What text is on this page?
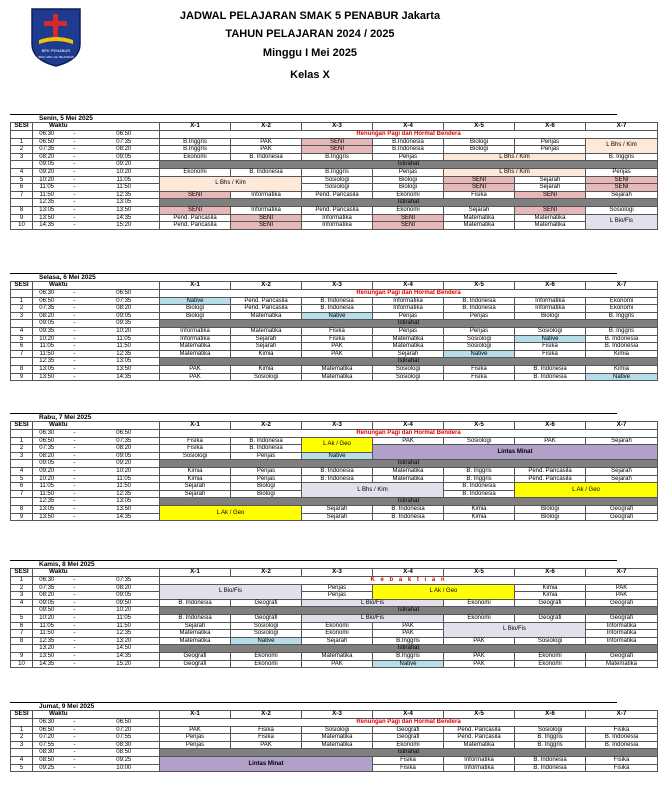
BPK PENABUR
IMAN, ILMU, dan PELAYANAN
JADWAL PELAJARAN SMAK 5 PENABUR Jakarta
TAHUN PELAJARAN 2024 / 2025
Minggu I Mei 2025
Kelas X
Senin, 5 Mei 2025
SESI	Waktu			X-1	X-2	X-3	X-4	X-5	X-6	X-7
	06:30	-	06:50	Renungan Pagi dan Hormat Bendera						
1	06:50	-	07:35	B.Inggris	PAK	SENI	B.Indonesia	Biologi	Penjas	L Bhs / Kim
2	07:35	-	08:20	B.Inggris	PAK	SENI	B.Indonesia	Biologi	Penjas	
3	08:20	-	09:05	Ekonomi	B. Indonesia	B.Inggris	Penjas	L Bhs / Kim		B. Inggris
	09:05	-	09:20	Istirahat						
4	09:20	-	10:20	Ekonomi	B. Indonesia	B.Inggris	Penjas	L Bhs / Kim		Penjas
5	10:20	-	11:05	L Bhs / Kim		Sosiologi	Biologi	SENI	Sejarah	SENI
6	11:05	-	11:50			Sosiologi	Biologi	SENI	Sejarah	SENI
7	11:50	-	12:35	SENI	Informatika	Pend. Pancasila	Ekonomi	Fisika	SENI	Sejarah
	12:35	-	13:05	Istirahat						
8	13:05	-	13:50	SENI	Informatika	Pend. Pancasila	Ekonomi	Sejarah	SENI	Sosiologi
9	13:50	-	14:35	Pend. Pancasila	SENI	Informatika	SENI	Matematika	Matematika	L Bio/Fis
10	14:35	-	15:20	Pend. Pancasila	SENI	Informatika	SENI	Matematika	Matematika	
Selasa, 6 Mei 2025
SESI	Waktu			X-1	X-2	X-3	X-4	X-5	X-6	X-7
	06:30	-	06:50	Renungan Pagi dan Hormat Bendera						
1	06:50	-	07:35	Native	Pend. Pancasila	B. Indonesia	Informatika	B. Indonesia	Informatika	Ekonomi
2	07:35	-	08:20	Biologi	Pend. Pancasila	B. Indonesia	Informatika	B. Indonesia	Informatika	Ekonomi
3	08:20	-	09:05	Biologi	Matematika	Native	Penjas	Penjas	Biologi	B. Inggris
	09:05	-	09:35	Istirahat						
4	09:35	-	10:20	Informatika	Matematika	Fisika	Penjas	Penjas	Sosiologi	B. Inggris
5	10:20	-	11:05	Informatika	Sejarah	Fisika	Matematika	Sosiologi	Native	B. Indonesia
6	11:05	-	11:50	Matematika	Sejarah	PAK	Matematika	Sosiologi	Fisika	B. Indonesia
7	11:50	-	12:35	Matematika	Kimia	PAK	Sejarah	Native	Fisika	Kimia
	12:35	-	13:05	Istirahat						
8	13:05	-	13:50	PAK	Kimia	Matematika	Sosiologi	Fisika	B. Indonesia	Kimia
9	13:50	-	14:35	PAK	Sosiologi	Matematika	Sosiologi	Fisika	B. Indonesia	Native
Rabu, 7 Mei 2025
SESI	Waktu			X-1	X-2	X-3	X-4	X-5	X-6	X-7
	06:30	-	06:50	Renungan Pagi dan Hormat Bendera						
1	06:50	-	07:35	Fisika	B. Indonesia	L Ak / Geo	PAK	Sosiologi	PAK	Sejarah
2	07:35	-	08:20	Fisika	B. Indonesia		Lintas Minat			
3	08:20	-	09:05	Sosiologi	Penjas	Native				
	09:05	-	09:20	Istirahat						
4	09:20	-	10:20	Kimia	Penjas	B. Indonesia	Matematika	B. Inggris	Pend. Pancasila	Sejarah
5	10:20	-	11:05	Kimia	Penjas	B. Indonesia	Matematika	B. Inggris	Pend. Pancasila	Sejarah
6	11:05	-	11:50	Sejarah	Biologi	L Bhs / Kim		B. Indonesia	L Ak / Geo	
7	11:50	-	12:35	Sejarah	Biologi			B. Indonesia		
	12:35	-	13:05	Istirahat						
8	13:05	-	13:50	L Ak / Geo		Sejarah	B. Indonesia	Kimia	Biologi	Geografi
9	13:50	-	14:35			Sejarah	B. Indonesia	Kimia	Biologi	Geografi
Kamis, 8 Mei 2025
SESI	Waktu			X-1	X-2	X-3	X-4	X-5	X-6	X-7
1	06:30	-	07:35	K e b a k t i a n						
2	07:35	-	08:20	L Bio/Fis		Penjas	L Ak / Geo		Kimia	PAK
3	08:20	-	09:05			Penjas			Kimia	PAK
4	09:05	-	09:50	B. Indonesia	Geografi	L Bio/Fis		Ekonomi	Geografi	Geografi
	09:50	-	10:20	Istirahat						
5	10:20	-	11:05	B. Indonesia	Geografi	L Bio/Fis		Ekonomi	Geografi	Geografi
6	11:05	-	11:50	Sejarah	Sosiologi	Ekonomi	PAK	L Bio/Fis		Informatika
7	11:50	-	12:35	Matematika	Sosiologi	Ekonomi	PAK			Informatika
8	12:35	-	13:20	Matematika	Native	Sejarah	B.Inggris	PAK	Sosiologi	Informatika
	13:20	-	14:50	Istirahat						
9	13:50	-	14:35	Geografi	Ekonomi	Matematika	B.Inggris	PAK	Ekonomi	Geografi
10	14:35	-	15:20	Geografi	Ekonomi	PAK	Native	PAK	Ekonomi	Matematika
Jumat, 9 Mei 2025
SESI	Waktu			X-1	X-2	X-3	X-4	X-5	X-6	X-7
	06:30	-	06:50	Renungan Pagi dan Hormat Bendera						
1	06:50	-	07:20	PAK	Fisika	Sosiologi	Geografi	Pend. Pancasila	Sosiologi	Fisika
2	07:20	-	07:55	Penjas	Fisika	Matematika	Geografi	Pend. Pancasila	B. Inggris	B. Indonesia
3	07:55	-	08:30	Penjas	PAK	Matematika	Ekonomi	Matematika	B. Inggris	B. Indonesia
	08:30	-	08:50	Istirahat						
4	08:50	-	09:25	Lintas Minat			Fisika	Informatika	B. Indonesia	Fisika
5	09:25	-	10:00				Fisika	Informatika	B. Indonesia	Fisika
